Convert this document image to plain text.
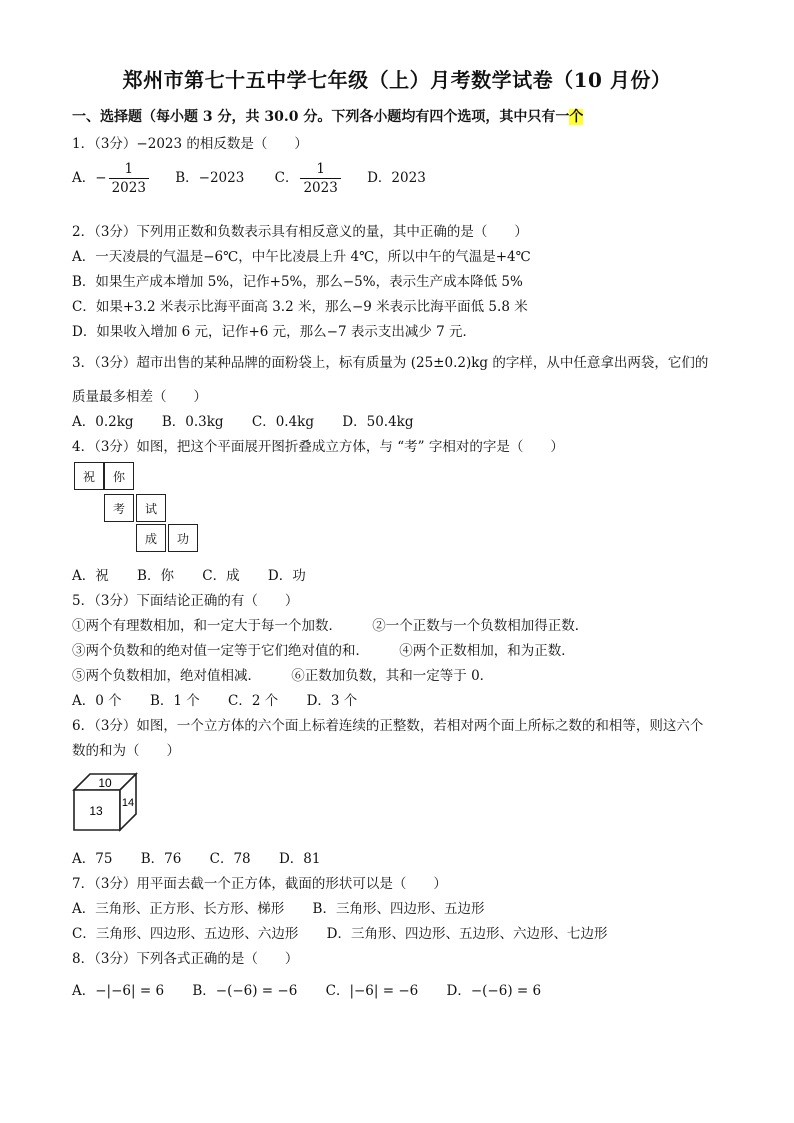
郑州市第七十五中学七年级（上）月考数学试卷（10 月份）
一、选择题（每小题 3 分，共 30.0 分。下列各小题均有四个选项，其中只有一个
1．（3分）−2023 的相反数是（　　）
A．− $\frac{1}{2023}$ B．−2023 C． $\frac{1}{2023}$ D．2023
2．（3分）下列用正数和负数表示具有相反意义的量，其中正确的是（　　）
A．一天凌晨的气温是−6℃，中午比凌晨上升 4℃，所以中午的气温是+4℃
B．如果生产成本增加 5%，记作+5%，那么−5%，表示生产成本降低 5%
C．如果+3.2 米表示比海平面高 3.2 米，那么−9 米表示比海平面低 5.8 米
D．如果收入增加 6 元，记作+6 元，那么−7 表示支出减少 7 元．
3．（3分）超市出售的某种品牌的面粉袋上，标有质量为 (25±0.2)kg 的字样，从中任意拿出两袋，它们的
质量最多相差（　　）
A．0.2kg B．0.3kg C．0.4kg D．50.4kg
4．（3分）如图，把这个平面展开图折叠成立方体，与 “考” 字相对的字是（　　）
祝	你
考	试
成	功
A．祝 B．你 C．成 D．功
5．（3分）下面结论正确的有（　　）
①两个有理数相加，和一定大于每一个加数． ②一个正数与一个负数相加得正数．
③两个负数和的绝对值一定等于它们绝对值的和． ④两个正数相加，和为正数．
⑤两个负数相加，绝对值相减． ⑥正数加负数，其和一定等于 0．
A．0 个 B．1 个 C．2 个 D．3 个
6．（3分）如图，一个立方体的六个面上标着连续的正整数，若相对两个面上所标之数的和相等，则这六个
数的和为（　　）
10
13
14
A．75 B．76 C．78 D．81
7．（3分）用平面去截一个正方体，截面的形状可以是（　　）
A．三角形、正方形、长方形、梯形 B．三角形、四边形、五边形
C．三角形、四边形、五边形、六边形 D．三角形、四边形、五边形、六边形、七边形
8．（3分）下列各式正确的是（　　）
A．−|−6| = 6 B．−(−6) = −6 C．|−6| = −6 D．−(−6) = 6
